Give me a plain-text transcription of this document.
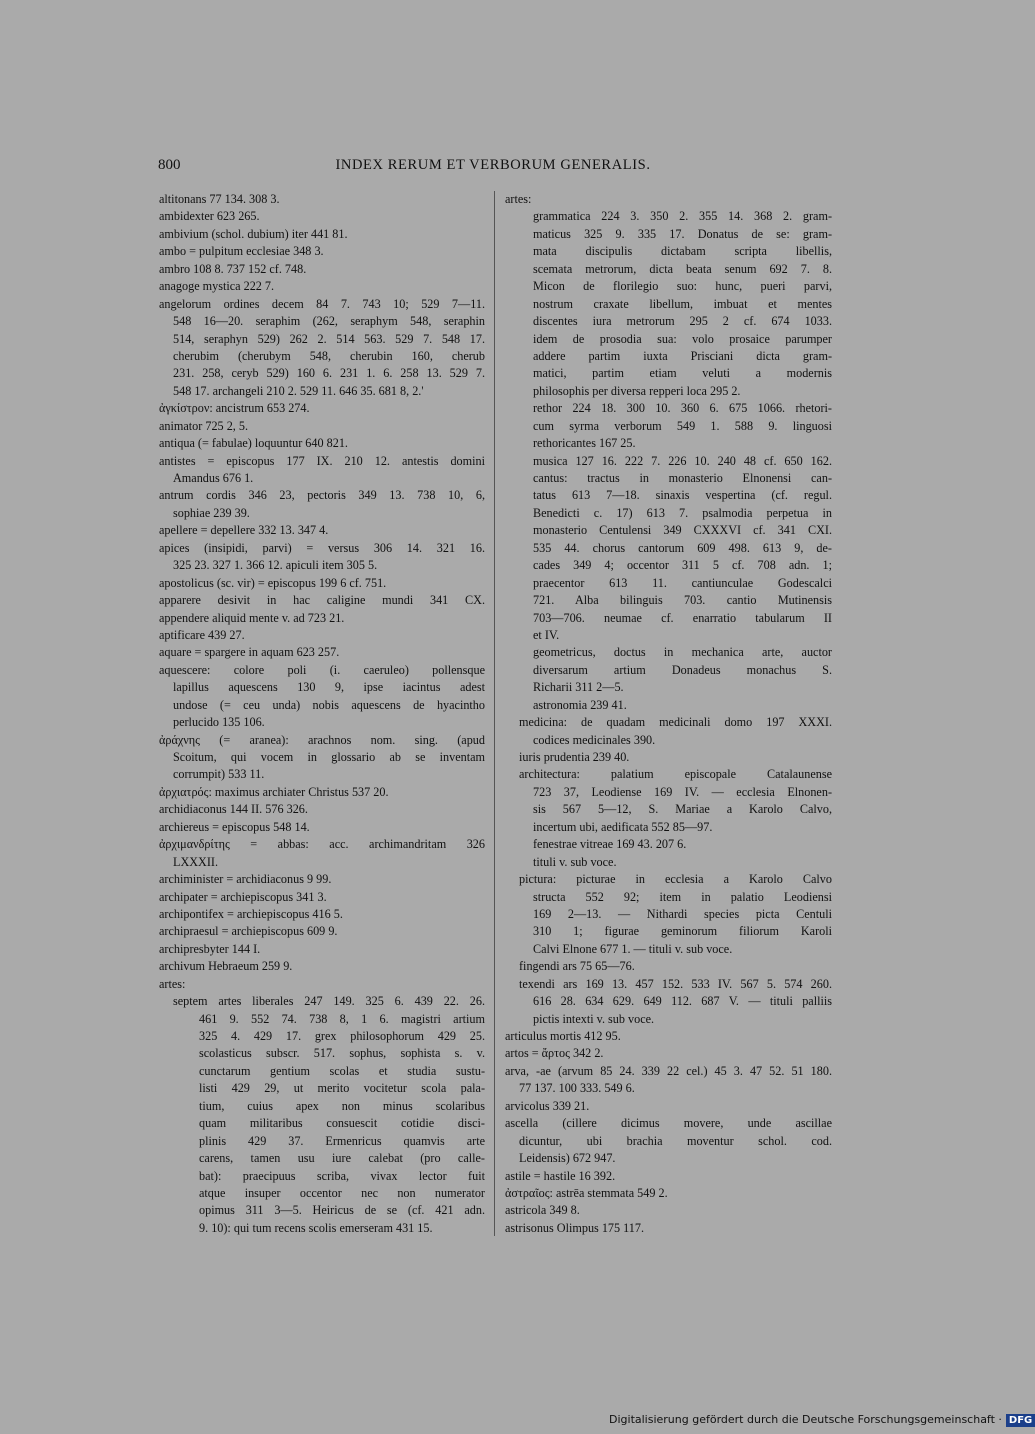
800	INDEX RERUM ET VERBORUM GENERALIS.
altitonans 77 134. 308 3.
ambidexter 623 265.
ambivium (schol. dubium) iter 441 81.
ambo = pulpitum ecclesiae 348 3.
ambro 108 8. 737 152 cf. 748.
anagoge mystica 222 7.
angelorum ordines decem 84 7. 743 10; 529 7—11.
548 16—20. seraphim (262, seraphym 548, seraphin
514, seraphyn 529) 262 2. 514 563. 529 7. 548 17.
cherubim (cherubym 548, cherubin 160, cherub
231. 258, ceryb 529) 160 6. 231 1. 6. 258 13. 529 7.
548 17. archangeli 210 2. 529 11. 646 35. 681 8, 2.'
ἀγκίστρον: ancistrum 653 274.
animator 725 2, 5.
antiqua (= fabulae) loquuntur 640 821.
antistes = episcopus 177 IX. 210 12. antestis domini
Amandus 676 1.
antrum cordis 346 23, pectoris 349 13. 738 10, 6,
sophiae 239 39.
apellere = depellere 332 13. 347 4.
apices (insipidi, parvi) = versus 306 14. 321 16.
325 23. 327 1. 366 12. apiculi item 305 5.
apostolicus (sc. vir) = episcopus 199 6 cf. 751.
apparere desivit in hac caligine mundi 341 CX.
appendere aliquid mente v. ad 723 21.
aptificare 439 27.
aquare = spargere in aquam 623 257.
aquescere: colore poli (i. caeruleo) pollensque
lapillus aquescens 130 9, ipse iacintus adest
undose (= ceu unda) nobis aquescens de hyacintho
perlucido 135 106.
ἀράχνης (= aranea): arachnos nom. sing. (apud
Scoitum, qui vocem in glossario ab se inventam
corrumpit) 533 11.
ἀρχιατρός: maximus archiater Christus 537 20.
archidiaconus 144 II. 576 326.
archiereus = episcopus 548 14.
ἀρχιμανδρίτης = abbas: acc. archimandritam 326
LXXXII.
archiminister = archidiaconus 9 99.
archipater = archiepiscopus 341 3.
archipontifex = archiepiscopus 416 5.
archipraesul = archiepiscopus 609 9.
archipresbyter 144 I.
archivum Hebraeum 259 9.
artes:
septem artes liberales 247 149. 325 6. 439 22. 26.
461 9. 552 74. 738 8, 1 6. magistri artium
325 4. 429 17. grex philosophorum 429 25.
scolasticus subscr. 517. sophus, sophista s. v.
cunctarum gentium scolas et studia sustu-
listi 429 29, ut merito vocitetur scola pala-
tium, cuius apex non minus scolaribus
quam militaribus consuescit cotidie disci-
plinis 429 37. Ermenricus quamvis arte
carens, tamen usu iure calebat (pro calle-
bat): praecipuus scriba, vivax lector fuit
atque insuper occentor nec non numerator
opimus 311 3—5. Heiricus de se (cf. 421 adn.
9. 10): qui tum recens scolis emerseram 431 15.
artes:
grammatica 224 3. 350 2. 355 14. 368 2. gram-
maticus 325 9. 335 17. Donatus de se: gram-
mata discipulis dictabam scripta libellis,
scemata metrorum, dicta beata senum 692 7. 8.
Micon de florilegio suo: hunc, pueri parvi,
nostrum craxate libellum, imbuat et mentes
discentes iura metrorum 295 2 cf. 674 1033.
idem de prosodia sua: volo prosaice parumper
addere partim iuxta Prisciani dicta gram-
matici, partim etiam veluti a modernis
philosophis per diversa repperi loca 295 2.
rethor 224 18. 300 10. 360 6. 675 1066. rhetori-
cum syrma verborum 549 1. 588 9. linguosi
rethoricantes 167 25.
musica 127 16. 222 7. 226 10. 240 48 cf. 650 162.
cantus: tractus in monasterio Elnonensi can-
tatus 613 7—18. sinaxis vespertina (cf. regul.
Benedicti c. 17) 613 7. psalmodia perpetua in
monasterio Centulensi 349 CXXXVI cf. 341 CXI.
535 44. chorus cantorum 609 498. 613 9, de-
cades 349 4; occentor 311 5 cf. 708 adn. 1;
praecentor 613 11. cantiunculae Godescalci
721. Alba bilinguis 703. cantio Mutinensis
703—706. neumae cf. enarratio tabularum II
et IV.
geometricus, doctus in mechanica arte, auctor
diversarum artium Donadeus monachus S.
Richarii 311 2—5.
astronomia 239 41.
medicina: de quadam medicinali domo 197 XXXI.
codices medicinales 390.
iuris prudentia 239 40.
architectura: palatium episcopale Catalaunense
723 37, Leodiense 169 IV. — ecclesia Elnonen-
sis 567 5—12, S. Mariae a Karolo Calvo,
incertum ubi, aedificata 552 85—97.
fenestrae vitreae 169 43. 207 6.
tituli v. sub voce.
pictura: picturae in ecclesia a Karolo Calvo
structa 552 92; item in palatio Leodiensi
169 2—13. — Nithardi species picta Centuli
310 1; figurae geminorum filiorum Karoli
Calvi Elnone 677 1. — tituli v. sub voce.
fingendi ars 75 65—76.
texendi ars 169 13. 457 152. 533 IV. 567 5. 574 260.
616 28. 634 629. 649 112. 687 V. — tituli palliis
pictis intexti v. sub voce.
articulus mortis 412 95.
artos = ἄρτος 342 2.
arva, -ae (arvum 85 24. 339 22 cel.) 45 3. 47 52. 51 180.
77 137. 100 333. 549 6.
arvicolus 339 21.
ascella (cillere dicimus movere, unde ascillae
dicuntur, ubi brachia moventur schol. cod.
Leidensis) 672 947.
astile = hastile 16 392.
ἀστραῖος: astrēa stemmata 549 2.
astricola 349 8.
astrisonus Olimpus 175 117.
Digitalisierung gefördert durch die Deutsche Forschungsgemeinschaft · DFG
